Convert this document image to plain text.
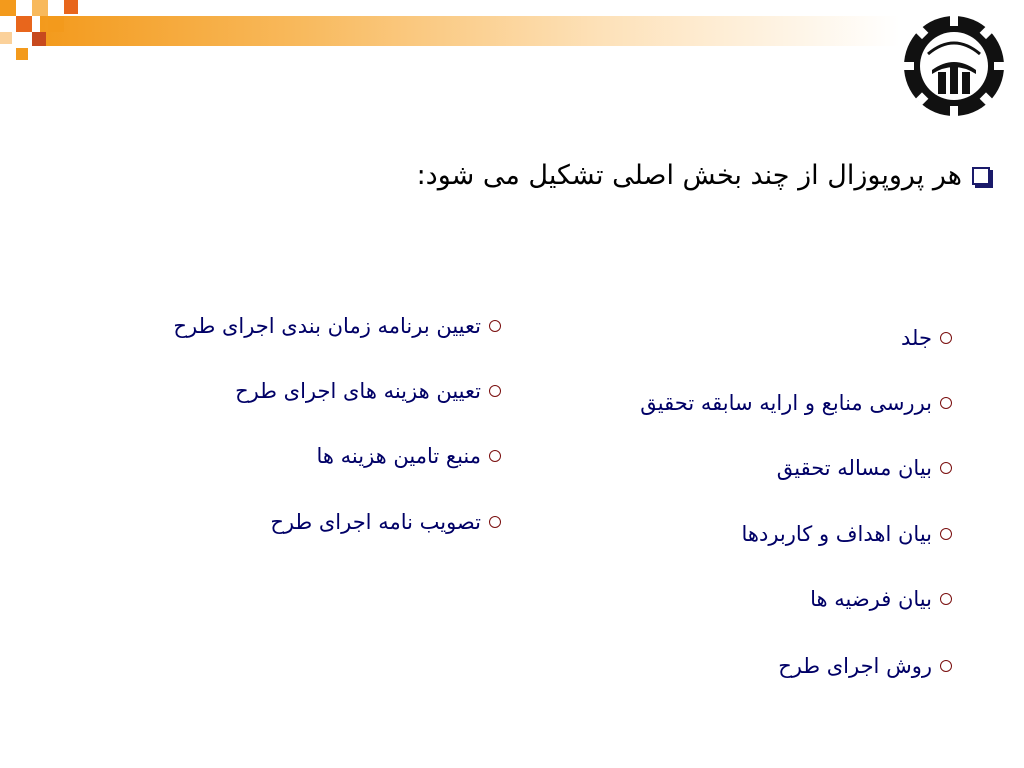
هر پروپوزال از چند بخش اصلی تشکیل می شود:
جلد
بررسی منابع و ارایه سابقه تحقیق
بیان مساله تحقیق
بیان اهداف و کاربردها
بیان فرضیه ها
روش اجرای طرح
تعیین برنامه زمان بندی اجرای طرح
تعیین هزینه های اجرای طرح
منبع تامین هزینه ها
تصویب نامه اجرای طرح
